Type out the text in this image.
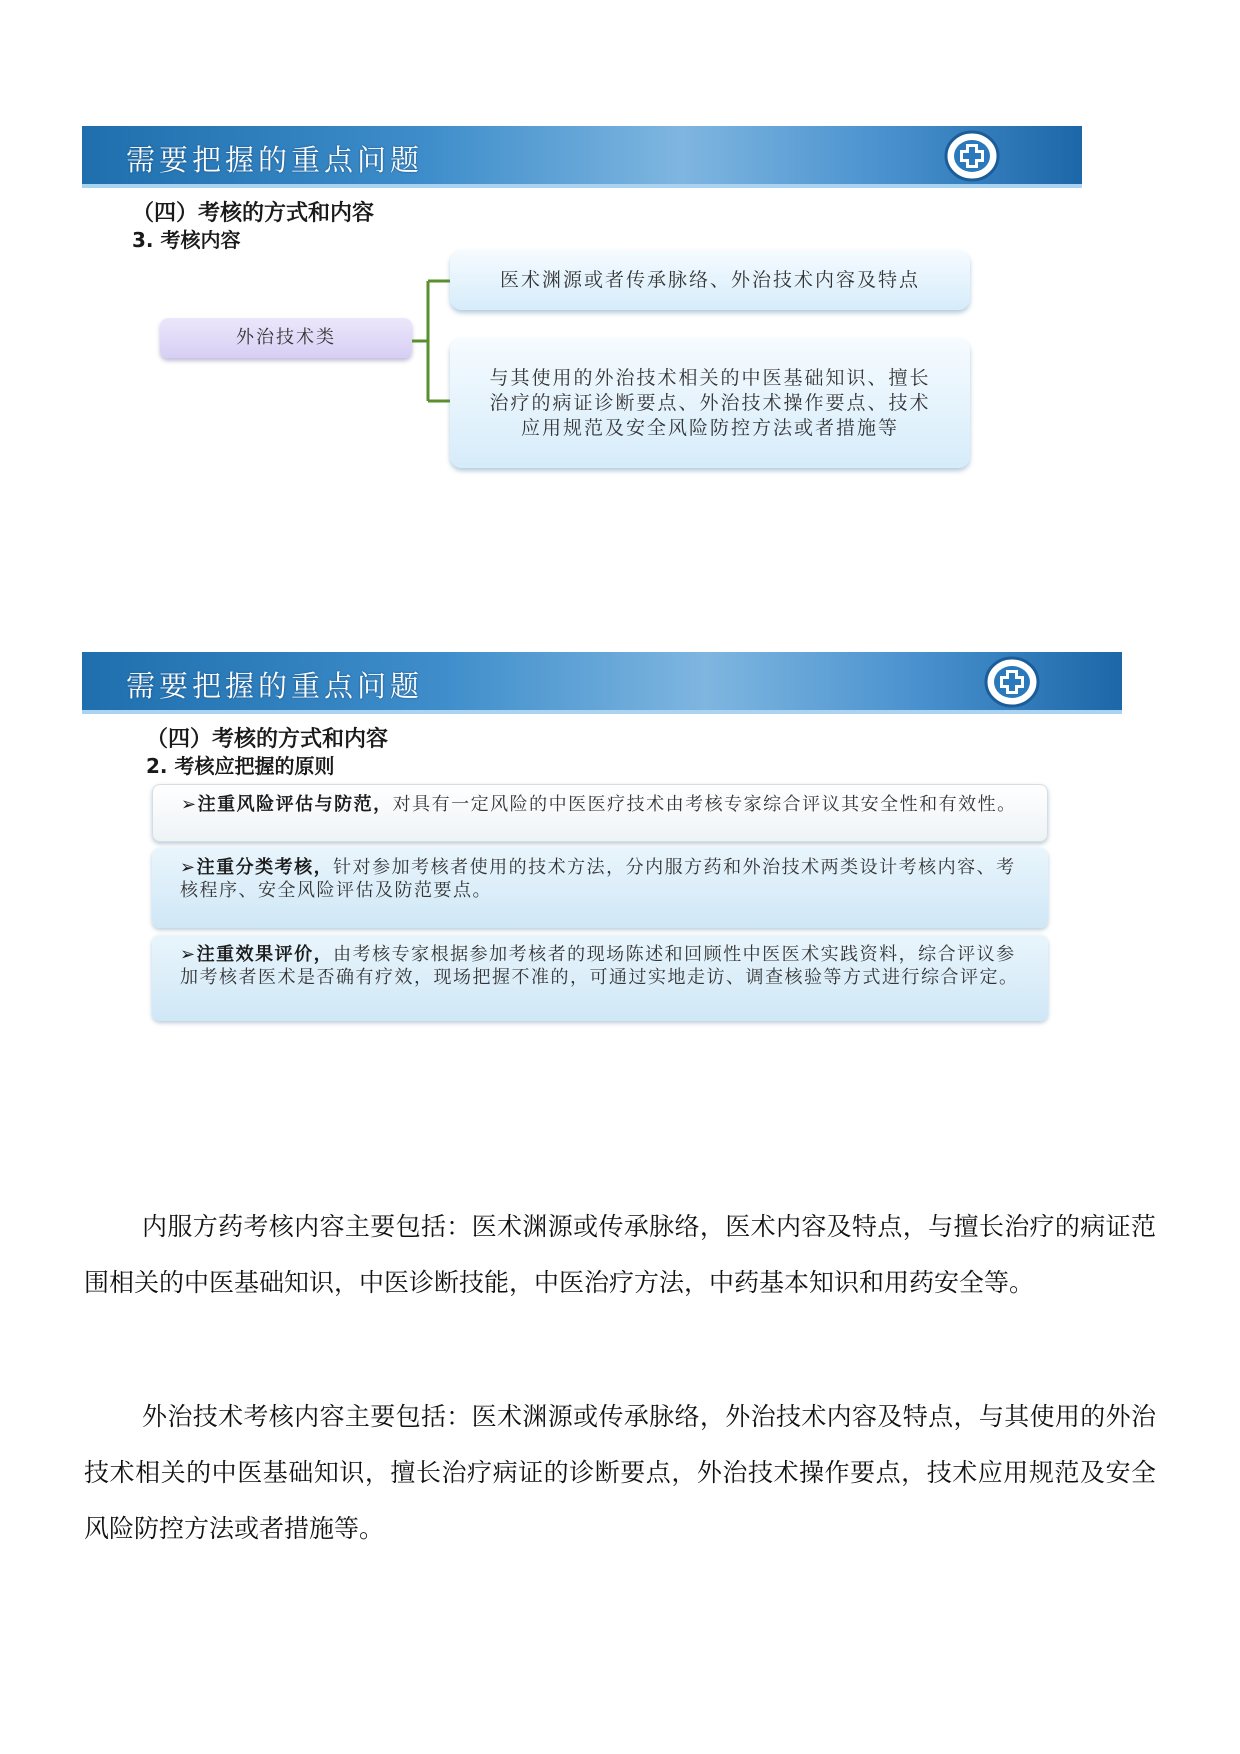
需要把握的重点问题
（四）考核的方式和内容
3. 考核内容
外治技术类
医术渊源或者传承脉络、外治技术内容及特点
与其使用的外治技术相关的中医基础知识、擅长治疗的病证诊断要点、外治技术操作要点、技术应用规范及安全风险防控方法或者措施等
需要把握的重点问题
（四）考核的方式和内容
2. 考核应把握的原则
➢注重风险评估与防范，对具有一定风险的中医医疗技术由考核专家综合评议其安全性和有效性。
➢注重分类考核，针对参加考核者使用的技术方法，分内服方药和外治技术两类设计考核内容、考核程序、安全风险评估及防范要点。
➢注重效果评价，由考核专家根据参加考核者的现场陈述和回顾性中医医术实践资料，综合评议参加考核者医术是否确有疗效，现场把握不准的，可通过实地走访、调查核验等方式进行综合评定。

内服方药考核内容主要包括：医术渊源或传承脉络，医术内容及特点，与擅长治疗的病证范围相关的中医基础知识，中医诊断技能，中医治疗方法，中药基本知识和用药安全等。

外治技术考核内容主要包括：医术渊源或传承脉络，外治技术内容及特点，与其使用的外治技术相关的中医基础知识，擅长治疗病证的诊断要点，外治技术操作要点，技术应用规范及安全风险防控方法或者措施等。
